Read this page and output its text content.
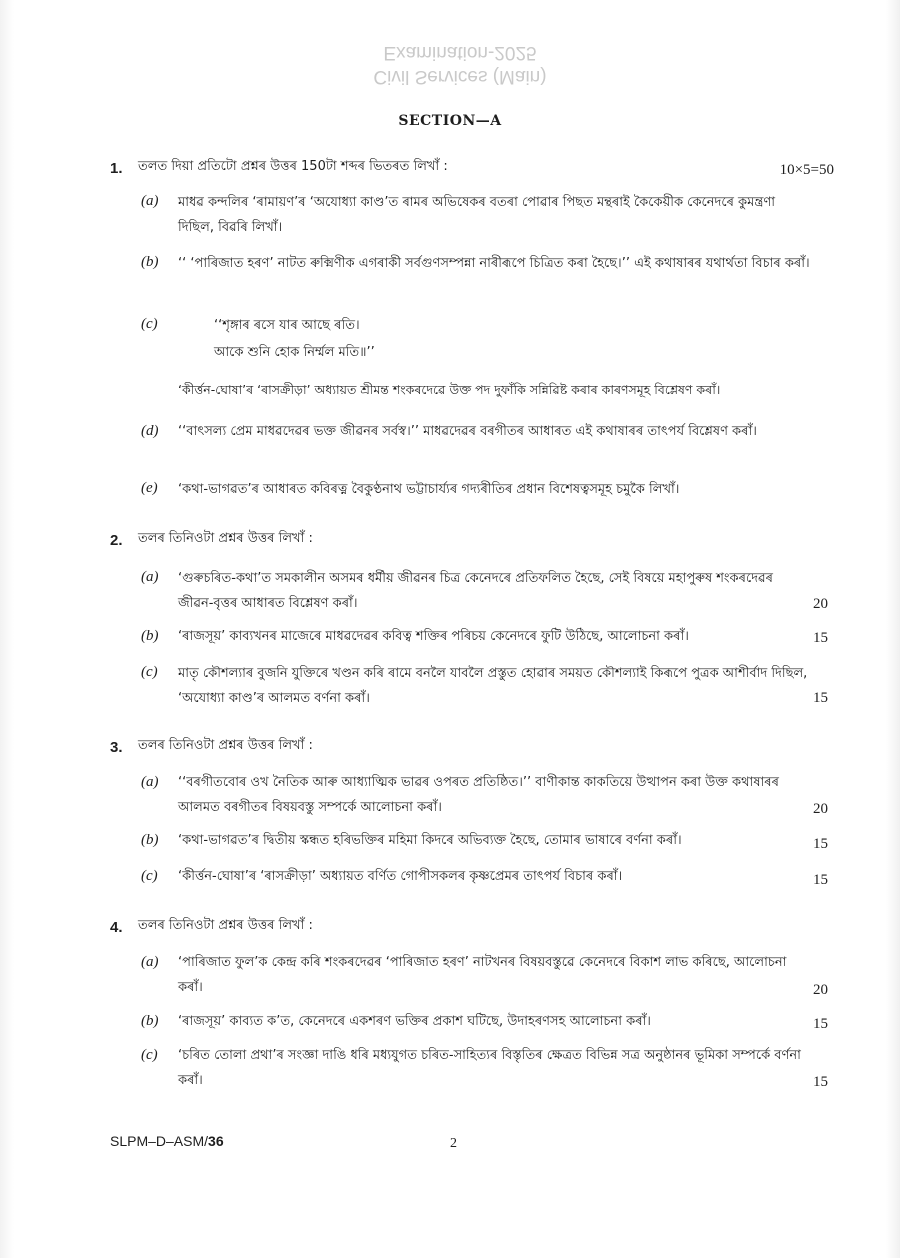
Civil Services (Main)
Examination-2025
SECTION—A
1. তলত দিয়া প্ৰতিটো প্ৰশ্নৰ উত্তৰ 150টা শব্দৰ ভিতৰত লিখাঁ :	10×5=50
(a) মাধৱ কন্দলিৰ ‘ৰামায়ণ’ৰ ‘অযোধ্যা কাণ্ড’ত ৰামৰ অভিষেকৰ বতৰা পোৱাৰ পিছত মন্থৰাই কৈকেয়ীক কেনেদৰে কুমন্ত্ৰণা দিছিল, বিৱৰি লিখাঁ।
(b) ‘‘ ‘পাৰিজাত হৰণ’ নাটত ৰুক্মিণীক এগৰাকী সৰ্বগুণসম্পন্না নাৰীৰূপে চিত্ৰিত কৰা হৈছে।’’ এই কথাষাৰৰ যথাৰ্থতা বিচাৰ কৰাঁ।
(c)	‘‘শৃঙ্গাৰ ৰসে যাৰ আছে ৰতি।
আকে শুনি হোক নিৰ্ম্মল মতি॥’’
‘কীৰ্ত্তন-ঘোষা’ৰ ‘ৰাসক্ৰীড়া’ অধ্যায়ত শ্ৰীমন্ত শংকৰদেৱে উক্ত পদ দুফাঁকি সন্নিৱিষ্ট কৰাৰ কাৰণসমূহ বিশ্লেষণ কৰাঁ।
(d) ‘‘বাৎসল্য প্ৰেম মাধৱদেৱৰ ভক্ত জীৱনৰ সৰ্বস্ব।’’ মাধৱদেৱৰ বৰগীতৰ আধাৰত এই কথাষাৰৰ তাৎপৰ্য বিশ্লেষণ কৰাঁ।
(e) ‘কথা-ভাগৱত’ৰ আধাৰত কবিৰত্ন বৈকুণ্ঠনাথ ভট্টাচাৰ্য্যৰ গদ্যৰীতিৰ প্ৰধান বিশেষত্বসমূহ চমুকৈ লিখাঁ।
2. তলৰ তিনিওটা প্ৰশ্নৰ উত্তৰ লিখাঁ :
(a) ‘গুৰুচৰিত-কথা’ত সমকালীন অসমৰ ধৰ্মীয় জীৱনৰ চিত্ৰ কেনেদৰে প্ৰতিফলিত হৈছে, সেই বিষয়ে মহাপুৰুষ শংকৰদেৱৰ জীৱন-বৃত্তৰ আধাৰত বিশ্লেষণ কৰাঁ।	20
(b) ‘ৰাজসূয়’ কাব্যখনৰ মাজেৰে মাধৱদেৱৰ কবিত্ব শক্তিৰ পৰিচয় কেনেদৰে ফুটি উঠিছে, আলোচনা কৰাঁ।	15
(c) মাতৃ কৌশল্যাৰ বুজনি যুক্তিৰে খণ্ডন কৰি ৰামে বনলৈ যাবলৈ প্ৰস্তুত হোৱাৰ সময়ত কৌশল্যাই কিৰূপে পুত্ৰক আশীৰ্বাদ দিছিল, ‘অযোধ্যা কাণ্ড’ৰ আলমত বৰ্ণনা কৰাঁ।	15
3. তলৰ তিনিওটা প্ৰশ্নৰ উত্তৰ লিখাঁ :
(a) ‘‘বৰগীতবোৰ ওখ নৈতিক আৰু আধ্যাত্মিক ভাৱৰ ওপৰত প্ৰতিষ্ঠিত।’’ বাণীকান্ত কাকতিয়ে উত্থাপন কৰা উক্ত কথাষাৰৰ আলমত বৰগীতৰ বিষয়বস্তু সম্পৰ্কে আলোচনা কৰাঁ।	20
(b) ‘কথা-ভাগৱত’ৰ দ্বিতীয় স্কন্ধত হৰিভক্তিৰ মহিমা কিদৰে অভিব্যক্ত হৈছে, তোমাৰ ভাষাৰে বৰ্ণনা কৰাঁ।	15
(c) ‘কীৰ্ত্তন-ঘোষা’ৰ ‘ৰাসক্ৰীড়া’ অধ্যায়ত বৰ্ণিত গোপীসকলৰ কৃষ্ণপ্ৰেমৰ তাৎপৰ্য বিচাৰ কৰাঁ।	15
4. তলৰ তিনিওটা প্ৰশ্নৰ উত্তৰ লিখাঁ :
(a) ‘পাৰিজাত ফুল’ক কেন্দ্ৰ কৰি শংকৰদেৱৰ ‘পাৰিজাত হৰণ’ নাটখনৰ বিষয়বস্তুৱে কেনেদৰে বিকাশ লাভ কৰিছে, আলোচনা কৰাঁ।	20
(b) ‘ৰাজসূয়’ কাব্যত ক’ত, কেনেদৰে একশৰণ ভক্তিৰ প্ৰকাশ ঘটিছে, উদাহৰণসহ আলোচনা কৰাঁ।	15
(c) ‘চৰিত তোলা প্ৰথা’ৰ সংজ্ঞা দাঙি ধৰি মধ্যযুগত চৰিত-সাহিত্যৰ বিস্তৃতিৰ ক্ষেত্ৰত বিভিন্ন সত্ৰ অনুষ্ঠানৰ ভূমিকা সম্পৰ্কে বৰ্ণনা কৰাঁ।	15
SLPM–D–ASM/36	2
